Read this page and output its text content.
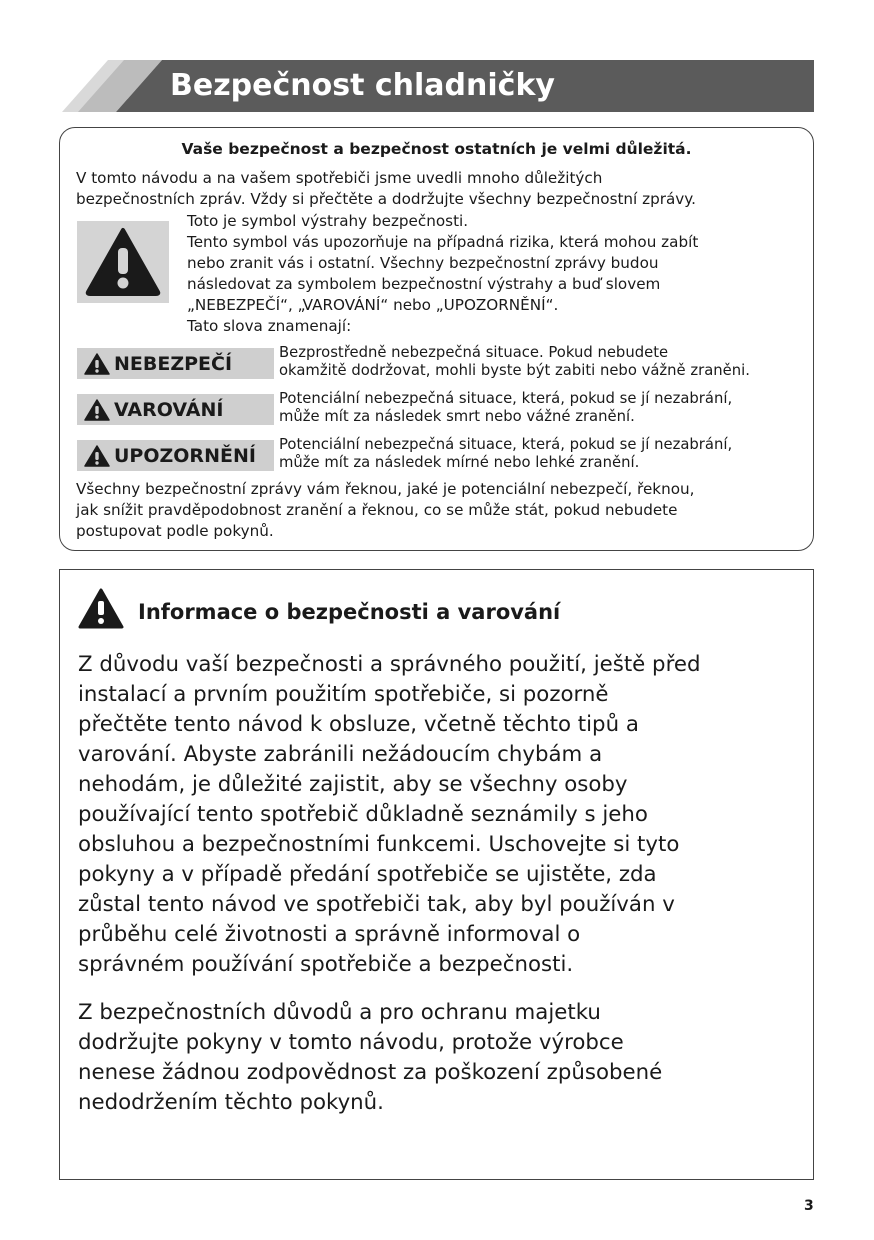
Bezpečnost chladničky
Vaše bezpečnost a bezpečnost ostatních je velmi důležitá.
V tomto návodu a na vašem spotřebiči jsme uvedli mnoho důležitých
bezpečnostních zpráv. Vždy si přečtěte a dodržujte všechny bezpečnostní zprávy.
Toto je symbol výstrahy bezpečnosti.
Tento symbol vás upozorňuje na případná rizika, která mohou zabít
nebo zranit vás i ostatní. Všechny bezpečnostní zprávy budou
následovat za symbolem bezpečnostní výstrahy a buď slovem
„NEBEZPEČÍ“, „VAROVÁNÍ“ nebo „UPOZORNĚNÍ“.
Tato slova znamenají:
NEBEZPEČÍ
Bezprostředně nebezpečná situace. Pokud nebudete
okamžitě dodržovat, mohli byste být zabiti nebo vážně zraněni.
VAROVÁNÍ
Potenciální nebezpečná situace, která, pokud se jí nezabrání,
může mít za následek smrt nebo vážné zranění.
UPOZORNĚNÍ
Potenciální nebezpečná situace, která, pokud se jí nezabrání,
může mít za následek mírné nebo lehké zranění.
Všechny bezpečnostní zprávy vám řeknou, jaké je potenciální nebezpečí, řeknou,
jak snížit pravděpodobnost zranění a řeknou, co se může stát, pokud nebudete
postupovat podle pokynů.
Informace o bezpečnosti a varování
Z důvodu vaší bezpečnosti a správného použití, ještě před
instalací a prvním použitím spotřebiče, si pozorně
přečtěte tento návod k obsluze, včetně těchto tipů a
varování. Abyste zabránili nežádoucím chybám a
nehodám, je důležité zajistit, aby se všechny osoby
používající tento spotřebič důkladně seznámily s jeho
obsluhou a bezpečnostními funkcemi. Uschovejte si tyto
pokyny a v případě předání spotřebiče se ujistěte, zda
zůstal tento návod ve spotřebiči tak, aby byl používán v
průběhu celé životnosti a správně informoval o
správném používání spotřebiče a bezpečnosti.
Z bezpečnostních důvodů a pro ochranu majetku
dodržujte pokyny v tomto návodu, protože výrobce
nenese žádnou zodpovědnost za poškození způsobené
nedodržením těchto pokynů.
3
